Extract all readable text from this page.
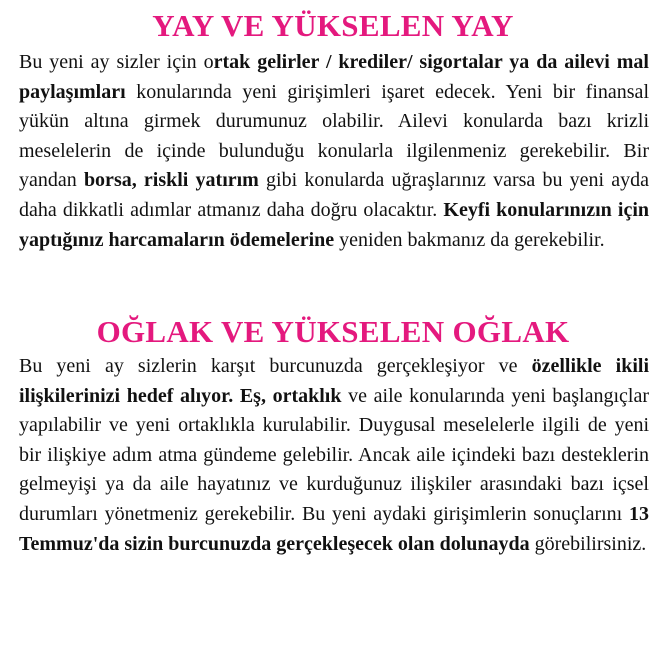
YAY VE YÜKSELEN YAY

Bu yeni ay sizler için ortak gelirler / krediler/ sigortalar ya da ailevi mal paylaşımları konularında yeni girişimleri işaret edecek. Yeni bir finansal yükün altına girmek durumunuz olabilir. Ailevi konularda bazı krizli meselelerin de içinde bulunduğu konularla ilgilenmeniz gerekebilir. Bir yandan borsa, riskli yatırım gibi konularda uğraşlarınız varsa bu yeni ayda daha dikkatli adımlar atmanız daha doğru olacaktır. Keyfi konularınızın için yaptığınız harcamaların ödemelerine yeniden bakmanız da gerekebilir.

OĞLAK VE YÜKSELEN OĞLAK

Bu yeni ay sizlerin karşıt burcunuzda gerçekleşiyor ve özellikle ikili ilişkilerinizi hedef alıyor. Eş, ortaklık ve aile konularında yeni başlangıçlar yapılabilir ve yeni ortaklıkla kurulabilir. Duygusal meselelerle ilgili de yeni bir ilişkiye adım atma gündeme gelebilir. Ancak aile içindeki bazı desteklerin gelmeyişi ya da aile hayatınız ve kurduğunuz ilişkiler arasındaki bazı içsel durumları yönetmeniz gerekebilir. Bu yeni aydaki girişimlerin sonuçlarını 13 Temmuz'da sizin burcunuzda gerçekleşecek olan dolunayda görebilirsiniz.
